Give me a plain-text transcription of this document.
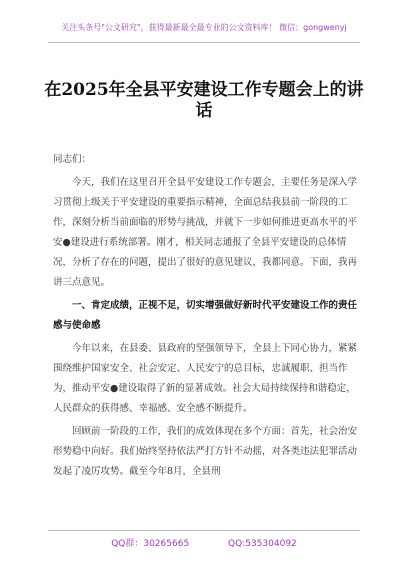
关注头条号"公文研究"，获得最新最全最专业的公文资料库！ 微信：gongwenyj
在2025年全县平安建设工作专题会上的讲话

同志们：

今天，我们在这里召开全县平安建设工作专题会，主要任务是深入学习贯彻上级关于平安建设的重要指示精神，全面总结我县前一阶段的工作，深刻分析当前面临的形势与挑战，并就下一步如何推进更高水平的平安●建设进行系统部署。刚才，相关同志通报了全县平安建设的总体情况，分析了存在的问题，提出了很好的意见建议，我都同意。下面，我再讲三点意见。

一、肯定成绩，正视不足，切实增强做好新时代平安建设工作的责任感与使命感

今年以来，在县委、县政府的坚强领导下，全县上下同心协力，紧紧围绕维护国家安全、社会安定、人民安宁的总目标，忠诚履职、担当作为，推动平安●建设取得了新的显著成效。社会大局持续保持和谐稳定，人民群众的获得感、幸福感、安全感不断提升。

回顾前一阶段的工作，我们的成效体现在多个方面：首先，社会治安形势稳中向好。我们始终坚持依法严打方针不动摇，对各类违法犯罪活动发起了凌厉攻势。截至今年8月，全县刑

QQ群：30265665	QQ:535304092
